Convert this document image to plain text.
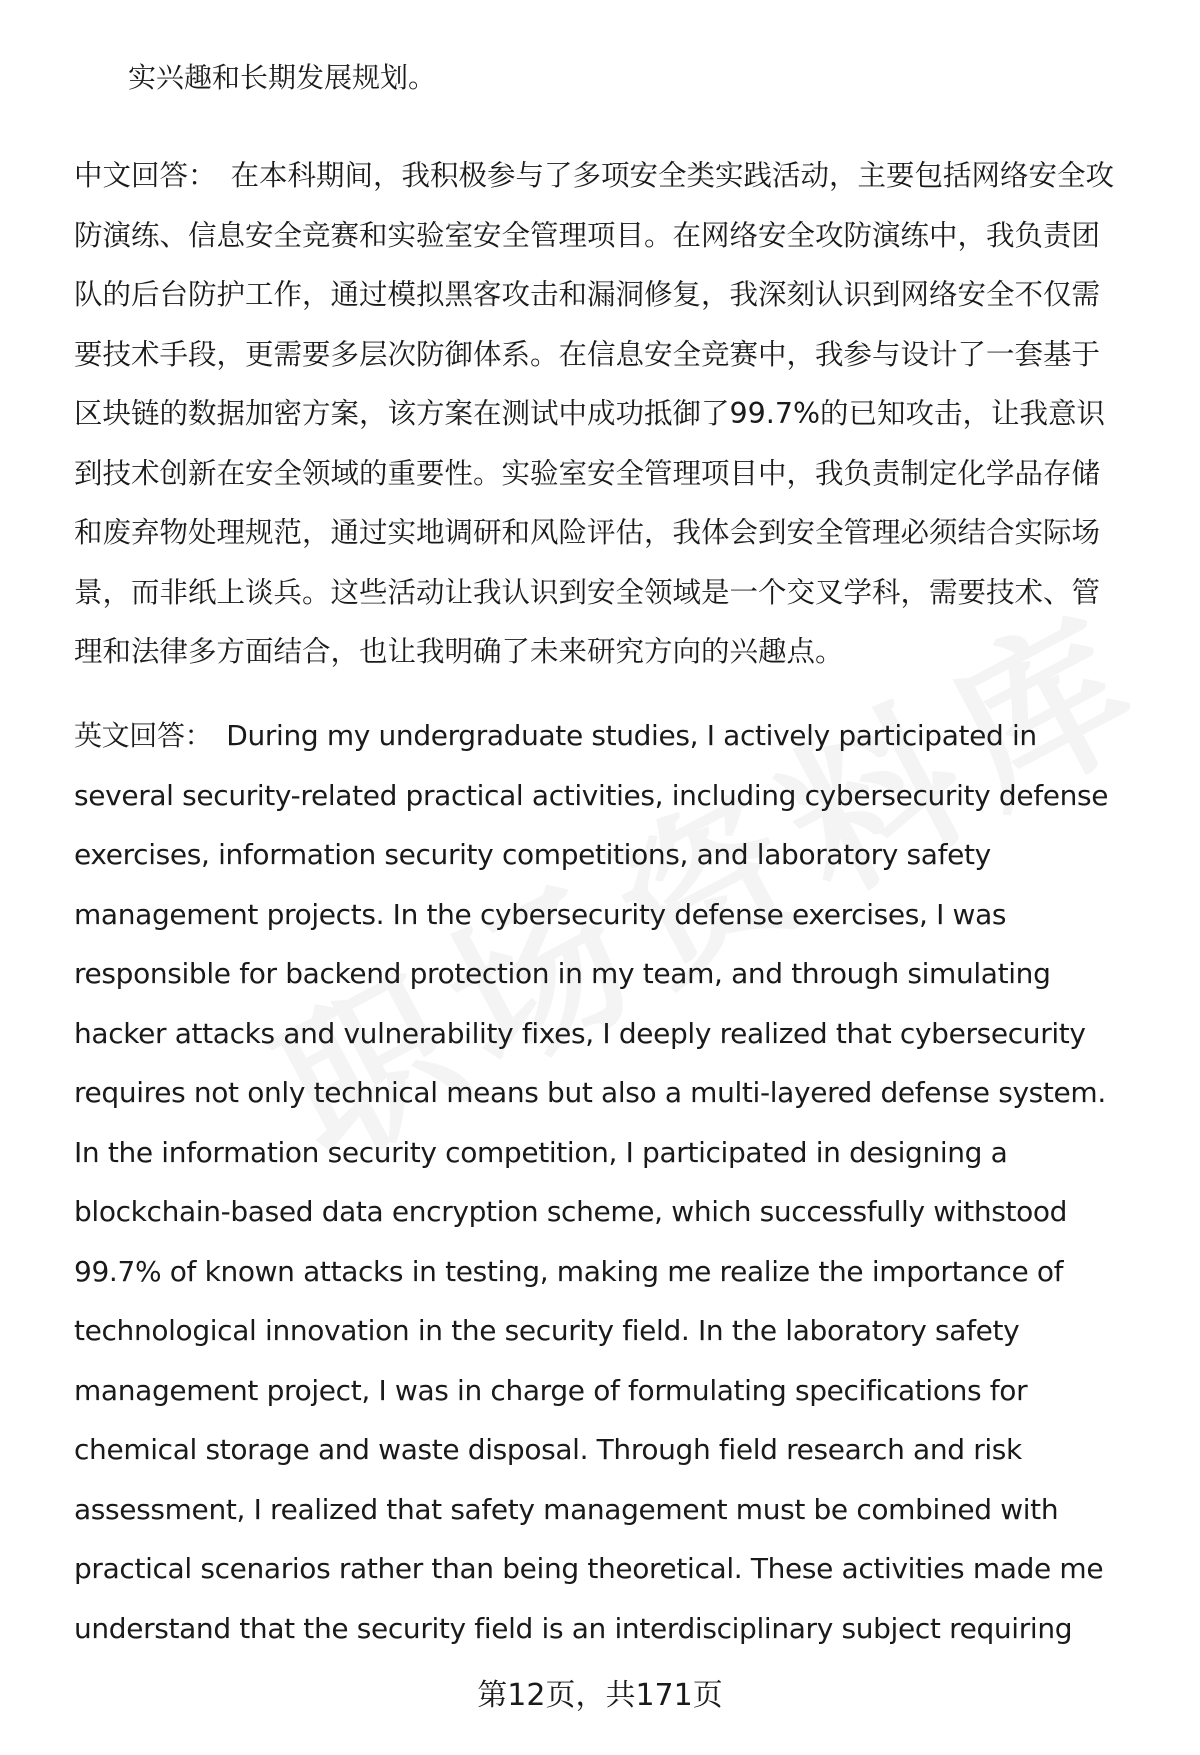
实兴趣和长期发展规划。
中文回答： 在本科期间，我积极参与了多项安全类实践活动，主要包括网络安全攻
防演练、信息安全竞赛和实验室安全管理项目。在网络安全攻防演练中，我负责团
队的后台防护工作，通过模拟黑客攻击和漏洞修复，我深刻认识到网络安全不仅需
要技术手段，更需要多层次防御体系。在信息安全竞赛中，我参与设计了一套基于
区块链的数据加密方案，该方案在测试中成功抵御了99.7%的已知攻击，让我意识
到技术创新在安全领域的重要性。实验室安全管理项目中，我负责制定化学品存储
和废弃物处理规范，通过实地调研和风险评估，我体会到安全管理必须结合实际场
景，而非纸上谈兵。这些活动让我认识到安全领域是一个交叉学科，需要技术、管
理和法律多方面结合，也让我明确了未来研究方向的兴趣点。
英文回答： During my undergraduate studies, I actively participated in
several security-related practical activities, including cybersecurity defense
exercises, information security competitions, and laboratory safety
management projects. In the cybersecurity defense exercises, I was
responsible for backend protection in my team, and through simulating
hacker attacks and vulnerability fixes, I deeply realized that cybersecurity
requires not only technical means but also a multi-layered defense system.
In the information security competition, I participated in designing a
blockchain-based data encryption scheme, which successfully withstood
99.7% of known attacks in testing, making me realize the importance of
technological innovation in the security field. In the laboratory safety
management project, I was in charge of formulating specifications for
chemical storage and waste disposal. Through field research and risk
assessment, I realized that safety management must be combined with
practical scenarios rather than being theoretical. These activities made me
understand that the security field is an interdisciplinary subject requiring
第12页，共171页
